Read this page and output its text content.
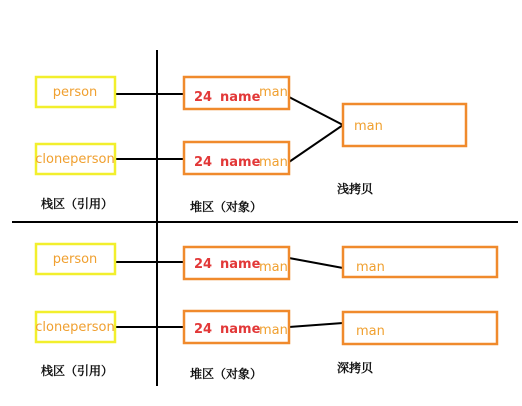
person
cloneperson
24 name
man
24 name
man
man
栈区（引用）	堆区（对象）
浅拷贝
person
cloneperson
24 name
man
24 name
man
man
man
栈区（引用）	堆区（对象）	深拷贝
